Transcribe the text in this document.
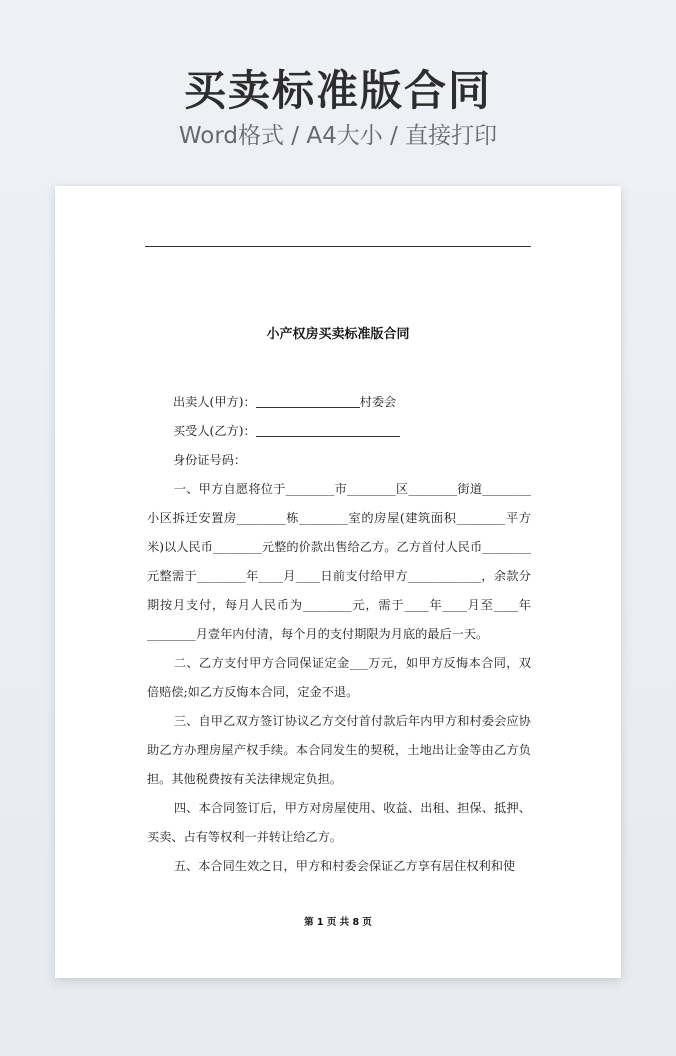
买卖标准版合同
Word格式 / A4大小 / 直接打印
小产权房买卖标准版合同

出卖人(甲方)：	村委会

买受人(乙方)：

身份证号码：

一、甲方自愿将位于________市________区________街道________小区拆迁安置房________栋________室的房屋(建筑面积________平方米)以人民币________元整的价款出售给乙方。乙方首付人民币________元整需于________年____月____日前支付给甲方____________，余款分期按月支付，每月人民币为________元，需于____年____月至____年________月壹年内付清，每个月的支付期限为月底的最后一天。

二、乙方支付甲方合同保证定金___万元，如甲方反悔本合同，双倍赔偿;如乙方反悔本合同，定金不退。

三、自甲乙双方签订协议乙方交付首付款后年内甲方和村委会应协助乙方办理房屋产权手续。本合同发生的契税，土地出让金等由乙方负担。其他税费按有关法律规定负担。

四、本合同签订后，甲方对房屋使用、收益、出租、担保、抵押、买卖、占有等权利一并转让给乙方。

五、本合同生效之日，甲方和村委会保证乙方享有居住权利和使

第 1 页 共 8 页
